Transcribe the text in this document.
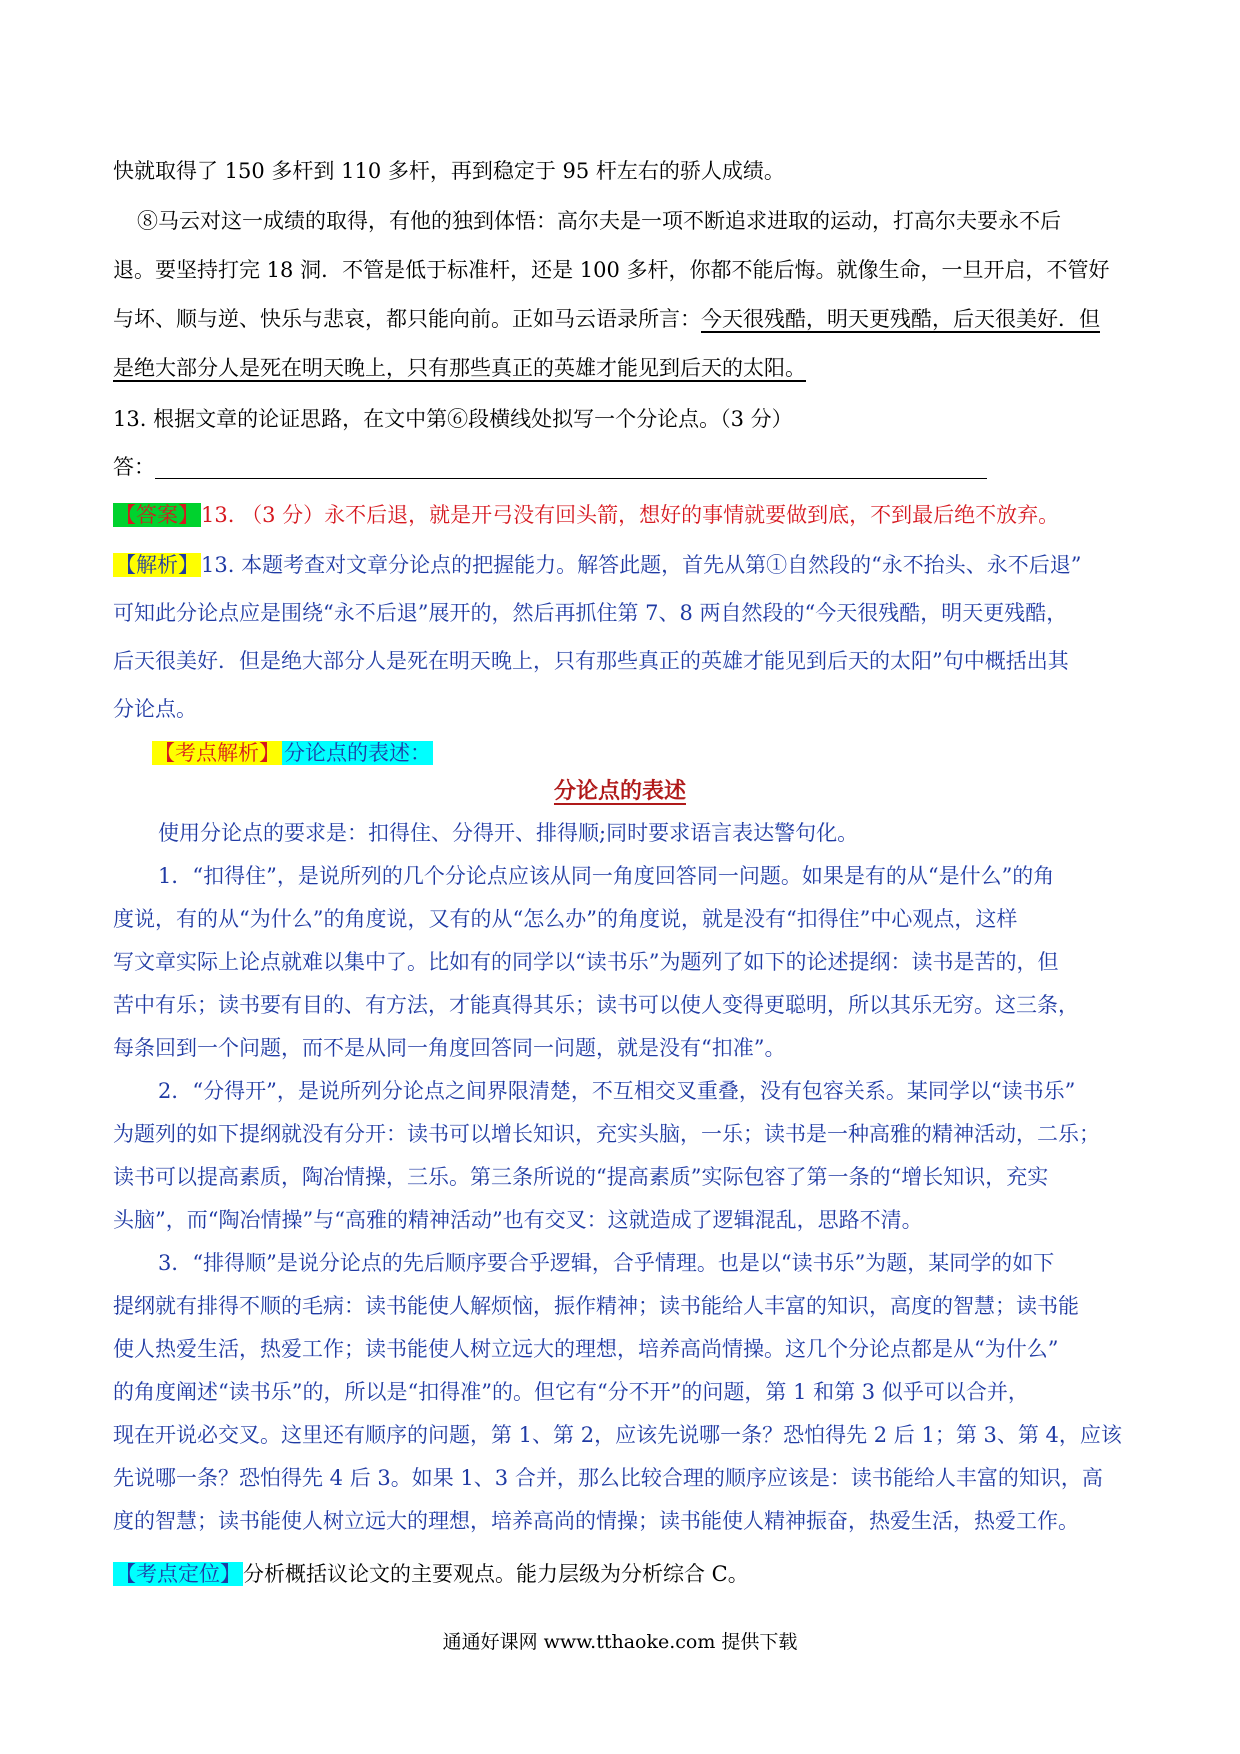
快就取得了 150 多杆到 110 多杆，再到稳定于 95 杆左右的骄人成绩。
⑧马云对这一成绩的取得，有他的独到体悟：高尔夫是一项不断追求进取的运动，打高尔夫要永不后
退。要坚持打完 18 洞．不管是低于标准杆，还是 100 多杆，你都不能后悔。就像生命，一旦开启，不管好
与坏、顺与逆、快乐与悲哀，都只能向前。正如马云语录所言：今天很残酷，明天更残酷，后天很美好．但
是绝大部分人是死在明天晚上，只有那些真正的英雄才能见到后天的太阳。
13. 根据文章的论证思路，在文中第⑥段横线处拟写一个分论点。（3 分）
答：
【答案】13. （3 分）永不后退，就是开弓没有回头箭，想好的事情就要做到底，不到最后绝不放弃。
【解析】13. 本题考查对文章分论点的把握能力。解答此题，首先从第①自然段的“永不抬头、永不后退”
可知此分论点应是围绕“永不后退”展开的，然后再抓住第 7、8 两自然段的“今天很残酷，明天更残酷，
后天很美好．但是绝大部分人是死在明天晚上，只有那些真正的英雄才能见到后天的太阳”句中概括出其
分论点。
【考点解析】 分论点的表述：
分论点的表述
使用分论点的要求是：扣得住、分得开、排得顺;同时要求语言表达警句化。
1．“扣得住”，是说所列的几个分论点应该从同一角度回答同一问题。如果是有的从“是什么”的角
度说，有的从“为什么”的角度说，又有的从“怎么办”的角度说，就是没有“扣得住”中心观点，这样
写文章实际上论点就难以集中了。比如有的同学以“读书乐”为题列了如下的论述提纲：读书是苦的，但
苦中有乐；读书要有目的、有方法，才能真得其乐；读书可以使人变得更聪明，所以其乐无穷。这三条，
每条回到一个问题，而不是从同一角度回答同一问题，就是没有“扣准”。
2．“分得开”，是说所列分论点之间界限清楚，不互相交叉重叠，没有包容关系。某同学以“读书乐”
为题列的如下提纲就没有分开：读书可以增长知识，充实头脑，一乐；读书是一种高雅的精神活动，二乐；
读书可以提高素质，陶冶情操，三乐。第三条所说的“提高素质”实际包容了第一条的“增长知识，充实
头脑”，而“陶冶情操”与“高雅的精神活动”也有交叉：这就造成了逻辑混乱，思路不清。
3．“排得顺”是说分论点的先后顺序要合乎逻辑，合乎情理。也是以“读书乐”为题，某同学的如下
提纲就有排得不顺的毛病：读书能使人解烦恼，振作精神；读书能给人丰富的知识，高度的智慧；读书能
使人热爱生活，热爱工作；读书能使人树立远大的理想，培养高尚情操。这几个分论点都是从“为什么”
的角度阐述“读书乐”的，所以是“扣得准”的。但它有“分不开”的问题，第 1 和第 3 似乎可以合并，
现在开说必交叉。这里还有顺序的问题，第 1、第 2，应该先说哪一条？恐怕得先 2 后 1；第 3、第 4，应该
先说哪一条？恐怕得先 4 后 3。如果 1、3 合并，那么比较合理的顺序应该是：读书能给人丰富的知识，高
度的智慧；读书能使人树立远大的理想，培养高尚的情操；读书能使人精神振奋，热爱生活，热爱工作。
【考点定位】分析概括议论文的主要观点。能力层级为分析综合 C。
通通好课网 www.tthaoke.com 提供下载
